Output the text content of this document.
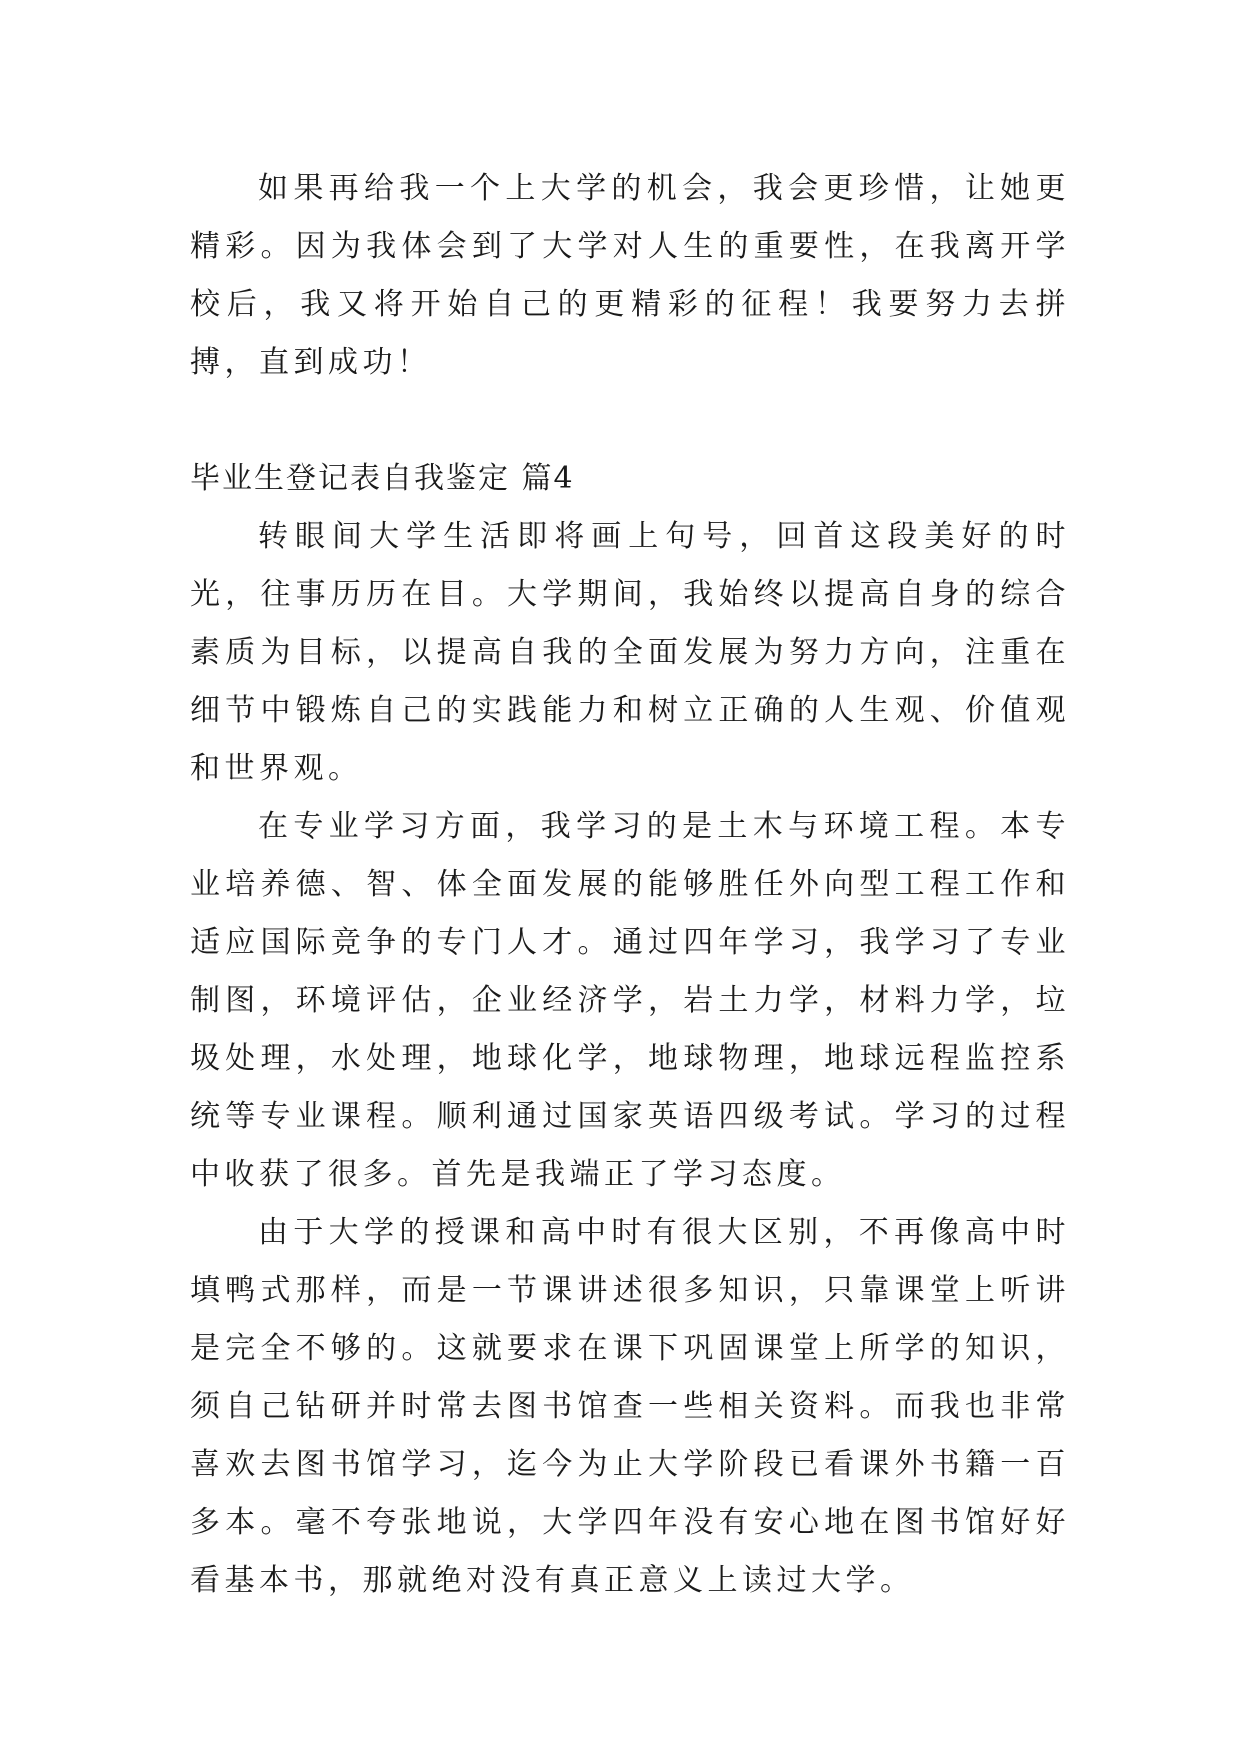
如果再给我一个上大学的机会，我会更珍惜，让她更精彩。因为我体会到了大学对人生的重要性，在我离开学校后，我又将开始自己的更精彩的征程！我要努力去拼搏，直到成功！

毕业生登记表自我鉴定 篇4

转眼间大学生活即将画上句号，回首这段美好的时光，往事历历在目。大学期间，我始终以提高自身的综合素质为目标，以提高自我的全面发展为努力方向，注重在细节中锻炼自己的实践能力和树立正确的人生观、价值观和世界观。

在专业学习方面，我学习的是土木与环境工程。本专业培养德、智、体全面发展的能够胜任外向型工程工作和适应国际竞争的专门人才。通过四年学习，我学习了专业制图，环境评估，企业经济学，岩土力学，材料力学，垃圾处理，水处理，地球化学，地球物理，地球远程监控系统等专业课程。顺利通过国家英语四级考试。学习的过程中收获了很多。首先是我端正了学习态度。

由于大学的授课和高中时有很大区别，不再像高中时填鸭式那样，而是一节课讲述很多知识，只靠课堂上听讲是完全不够的。这就要求在课下巩固课堂上所学的知识，须自己钻研并时常去图书馆查一些相关资料。而我也非常喜欢去图书馆学习，迄今为止大学阶段已看课外书籍一百多本。毫不夸张地说，大学四年没有安心地在图书馆好好看基本书，那就绝对没有真正意义上读过大学。
